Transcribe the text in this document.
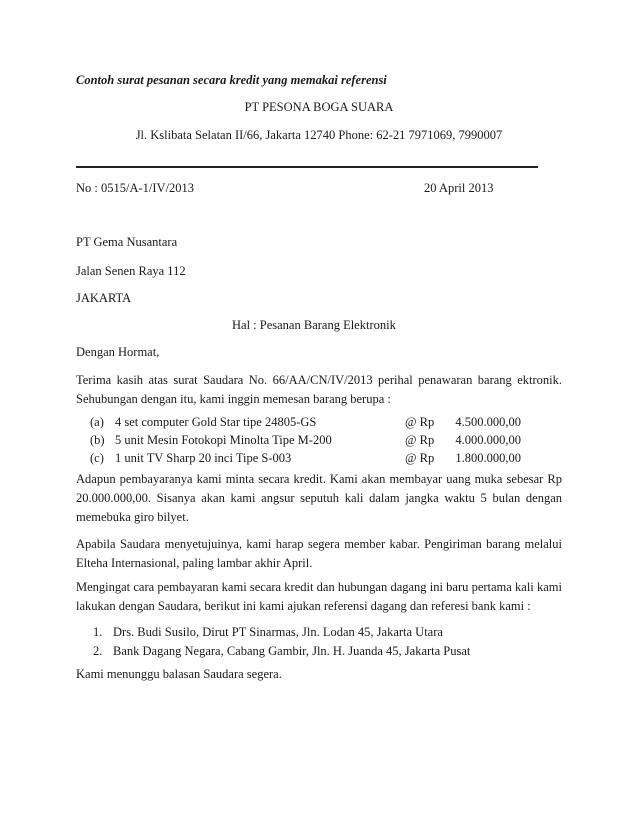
Contoh surat pesanan secara kredit yang memakai referensi
PT PESONA BOGA SUARA
Jl. Kslibata Selatan II/66, Jakarta 12740 Phone: 62-21 7971069, 7990007
No : 0515/A-1/IV/2013	20 April 2013
PT Gema Nusantara
Jalan Senen Raya 112
JAKARTA
Hal : Pesanan Barang Elektronik
Dengan Hormat,
Terima kasih atas surat Saudara No. 66/AA/CN/IV/2013 perihal penawaran barang ektronik. Sehubungan dengan itu, kami inggin memesan barang berupa :
(a) 4 set computer Gold Star tipe 24805-GS	@ Rp	4.500.000,00
(b) 5 unit Mesin Fotokopi Minolta Tipe M-200	@ Rp	4.000.000,00
(c) 1 unit TV Sharp 20 inci Tipe S-003	@ Rp	1.800.000,00
Adapun pembayaranya kami minta secara kredit. Kami akan membayar uang muka sebesar Rp 20.000.000,00. Sisanya akan kami angsur seputuh kali dalam jangka waktu 5 bulan dengan memebuka giro bilyet.
Apabila Saudara menyetujuinya, kami harap segera member kabar. Pengiriman barang melalui Elteha Internasional, paling lambar akhir April.
Mengingat cara pembayaran kami secara kredit dan hubungan dagang ini baru pertama kali kami lakukan dengan Saudara, berikut ini kami ajukan referensi dagang dan referesi bank kami :
1. Drs. Budi Susilo, Dirut PT Sinarmas, Jln. Lodan 45, Jakarta Utara
2. Bank Dagang Negara, Cabang Gambir, Jln. H. Juanda 45, Jakarta Pusat
Kami menunggu balasan Saudara segera.
